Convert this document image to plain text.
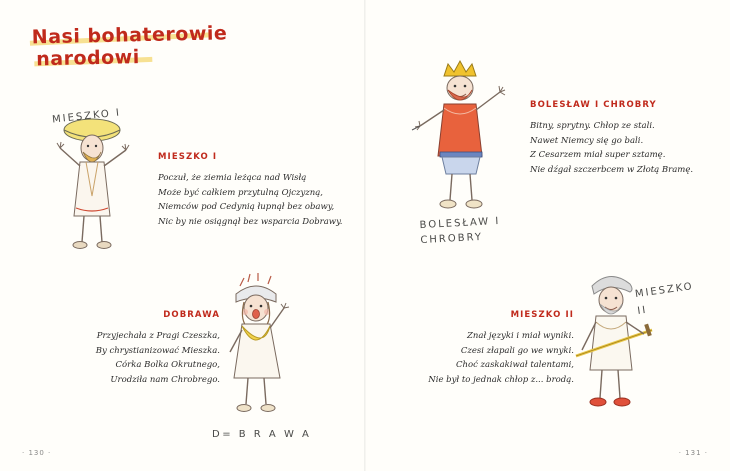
Nasi bohaterowie
narodowi
MIESZKO I
MIESZKO I
Poczuł, że ziemia leżąca nad Wisłą
Może być całkiem przytulną Ojczyzną,
Niemców pod Cedynią łupnął bez obawy,
Nic by nie osiągnął bez wsparcia Dobrawy.	BOLESŁAW I
CHROBRY
BOLESŁAW I CHROBRY
Bitny, sprytny. Chłop ze stali.
Nawet Niemcy się go bali.
Z Cesarzem miał super sztamę.
Nie dźgał szczerbcem w Złotą Bramę.
DOBRAWA
Przyjechała z Pragi Czeszka,
By chrystianizować Mieszka.
Córka Bolka Okrutnego,
Urodziła nam Chrobrego.
D= B R A W A
MIESZKO II
Znał języki i miał wyniki.
Czesi złapali go we wnyki.
Choć zaskakiwał talentami,
Nie był to jednak chłop z... brodą.
MIESZKO
II
· 130 ·	· 131 ·
